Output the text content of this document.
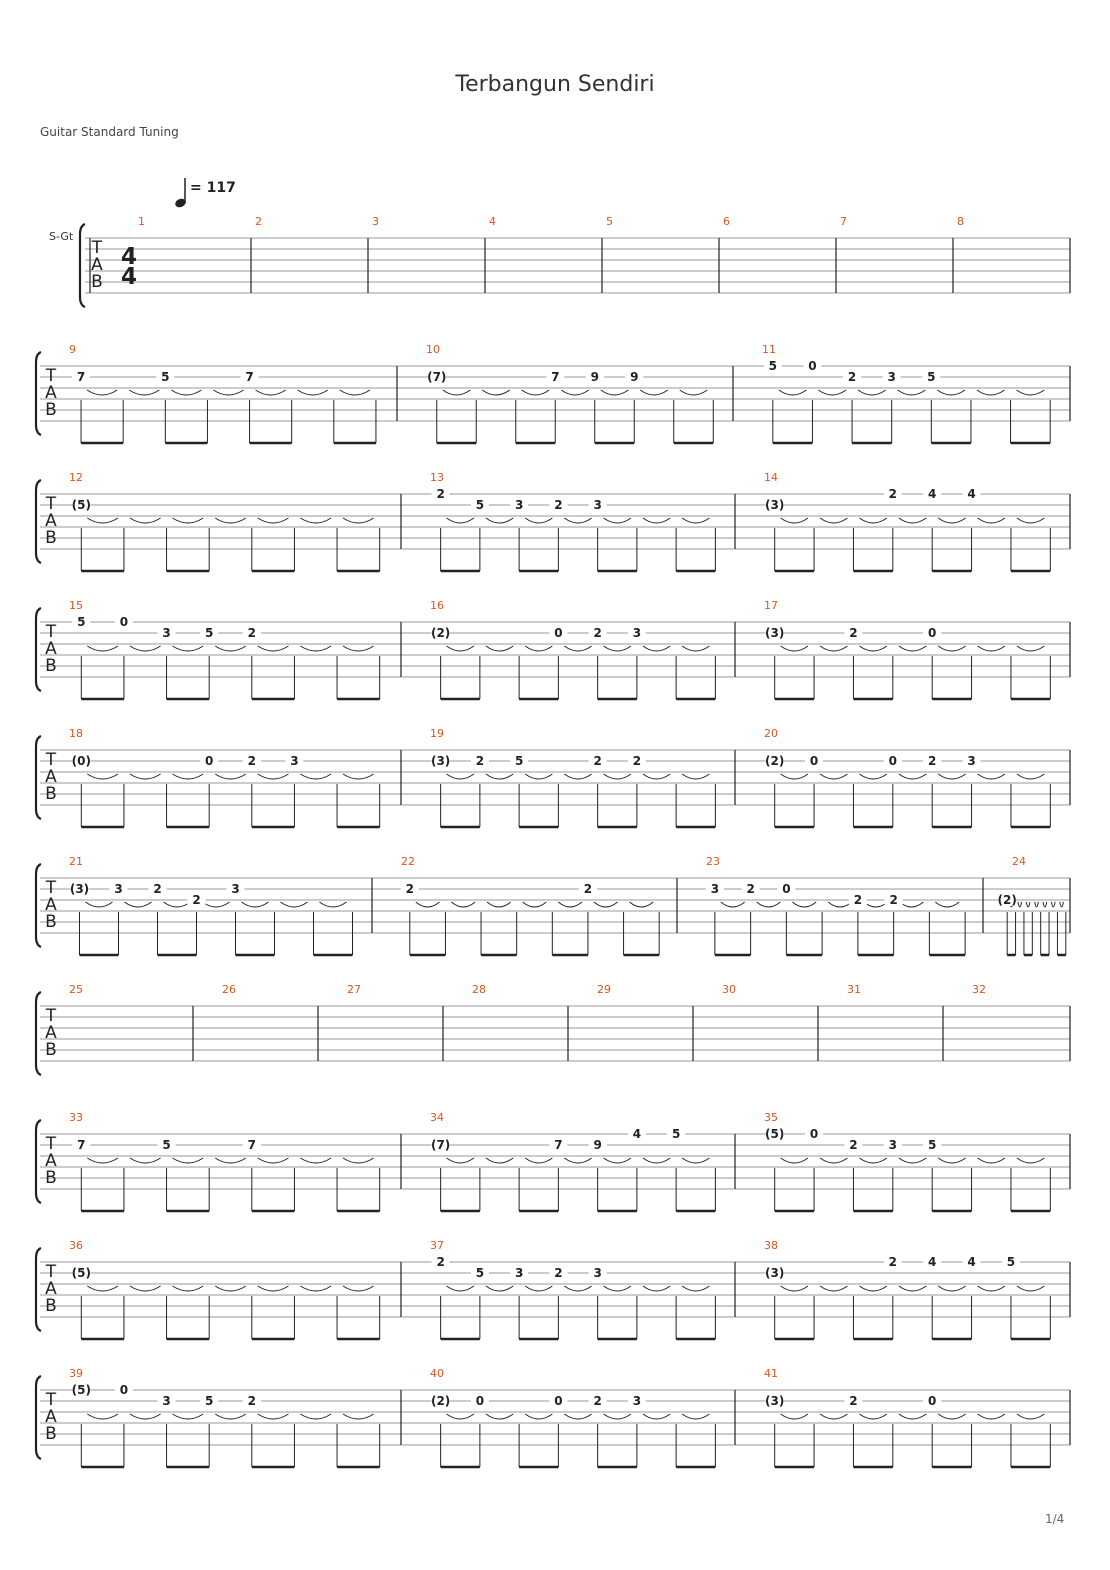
Terbangun Sendiri
Guitar Standard Tuning
= 117
S-Gt
T
A
B
4
4
1	2	3	4	5	6	7	8
T
A
B
9
7	5	7
10
(7)	7	9	9
11
5	0
2	3	5
T
A
B
12
(5)
13
2
5	3	2	3
14
(3)
2	4	4
T
A
B
15
5	0
3	5	2
16
(2)	0	2	3
17
(3)	2	0
T
A
B
18
(0)	0	2	3
19
(3) 2	5	2	2
20
(2) 0	0	2	3
T
A
B
21
(3) 3	2
2
3
22
2	2
23
3 2 0
2 2
24
(2)
T
A
B
25	26	27	28	29	30	31	32
T
A
B
33
7	5	7
34
(7)	7	9
4	5
35
(5) 0
2	3	5
T
A
B
36
(5)
37
2
5	3	2	3
38
(3)
2	4	4	5
T
A
B
39
(5) 0
3	5	2
40
(2) 0	0	2	3
41
(3)	2	0
1/4
